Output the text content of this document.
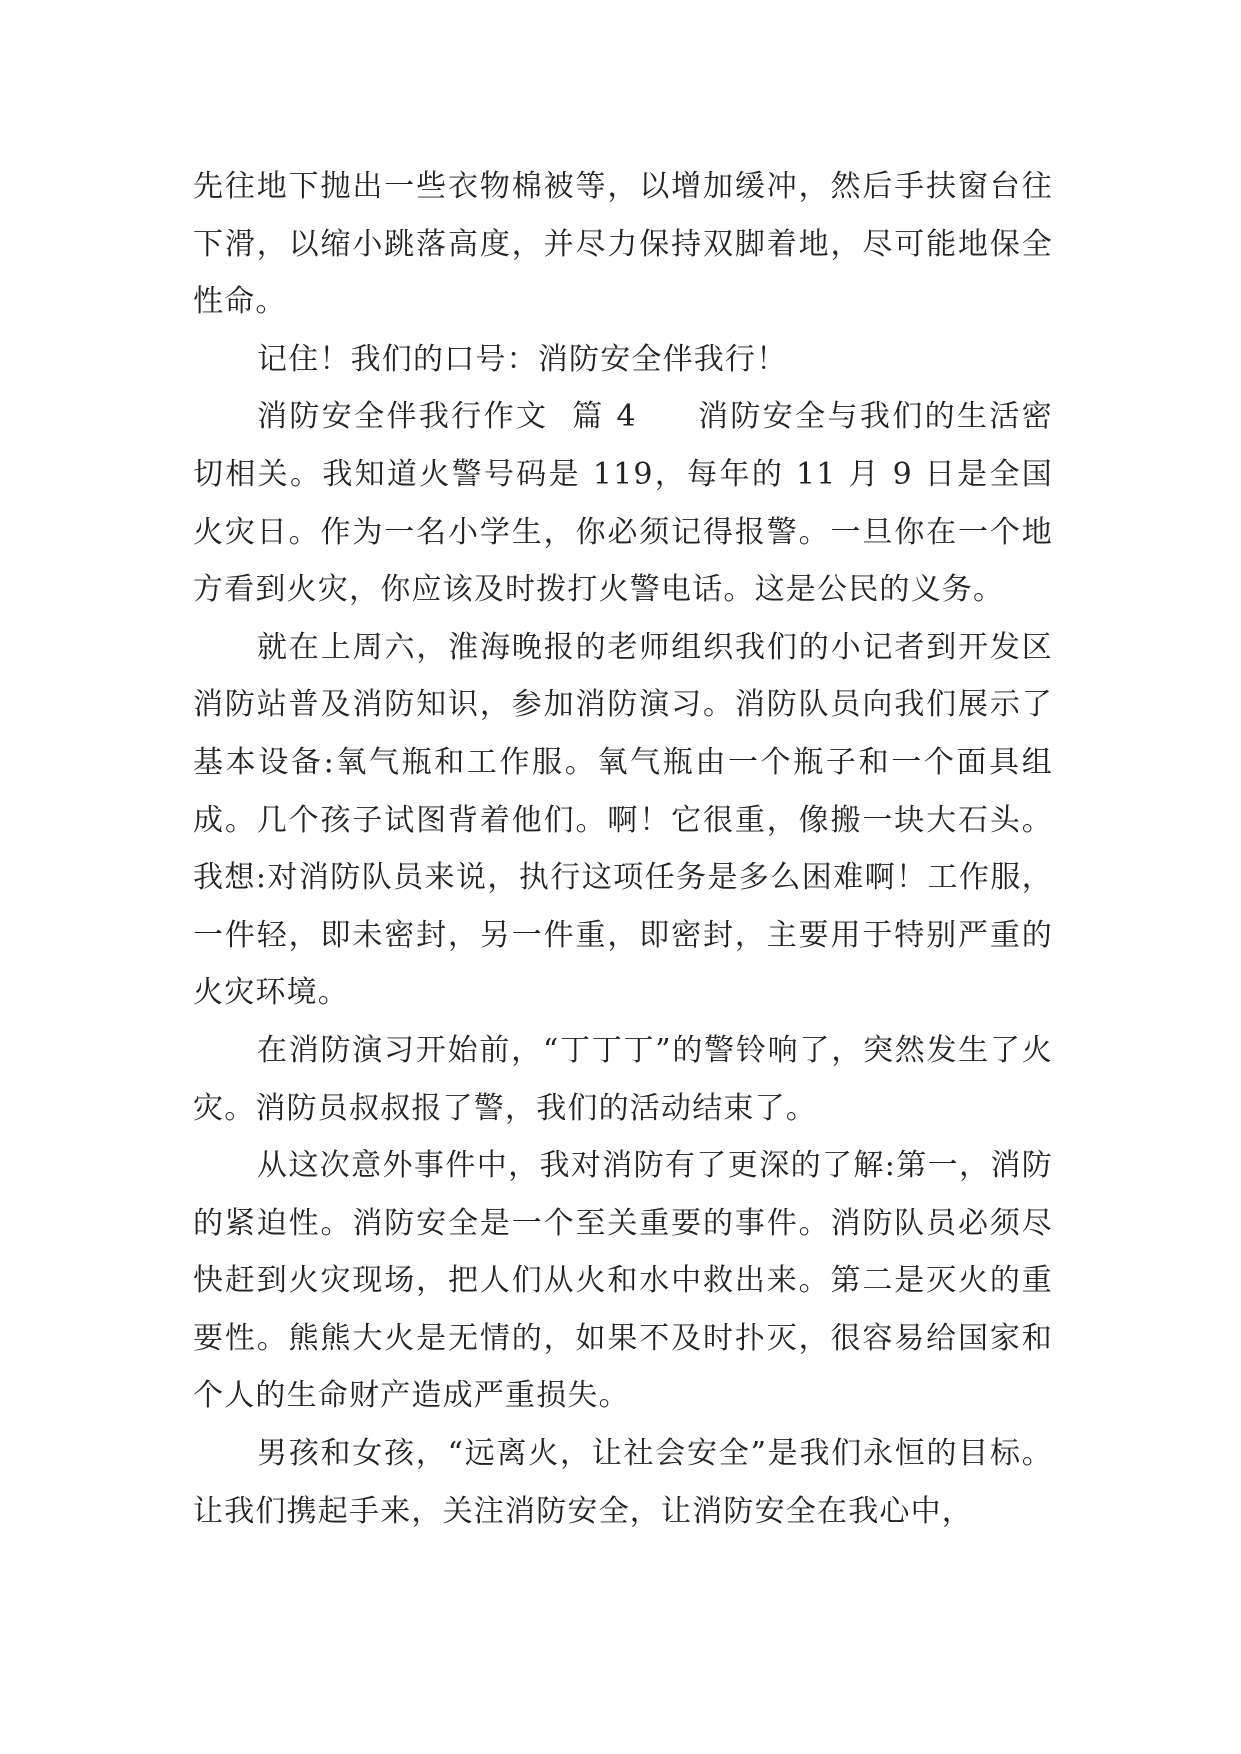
先往地下抛出一些衣物棉被等，以增加缓冲，然后手扶窗台往下滑，以缩小跳落高度，并尽力保持双脚着地，尽可能地保全性命。

记住！我们的口号：消防安全伴我行！

消防安全伴我行作文  篇 4 消防安全与我们的生活密切相关。我知道火警号码是 119，每年的 11 月 9 日是全国火灾日。作为一名小学生，你必须记得报警。一旦你在一个地方看到火灾，你应该及时拨打火警电话。这是公民的义务。

就在上周六，淮海晚报的老师组织我们的小记者到开发区消防站普及消防知识，参加消防演习。消防队员向我们展示了基本设备:氧气瓶和工作服。氧气瓶由一个瓶子和一个面具组成。几个孩子试图背着他们。啊！它很重，像搬一块大石头。我想:对消防队员来说，执行这项任务是多么困难啊！工作服，一件轻，即未密封，另一件重，即密封，主要用于特别严重的火灾环境。

在消防演习开始前，“丁丁丁”的警铃响了，突然发生了火灾。消防员叔叔报了警，我们的活动结束了。

从这次意外事件中，我对消防有了更深的了解:第一，消防的紧迫性。消防安全是一个至关重要的事件。消防队员必须尽快赶到火灾现场，把人们从火和水中救出来。第二是灭火的重要性。熊熊大火是无情的，如果不及时扑灭，很容易给国家和个人的生命财产造成严重损失。

男孩和女孩，“远离火，让社会安全”是我们永恒的目标。让我们携起手来，关注消防安全，让消防安全在我心中，
